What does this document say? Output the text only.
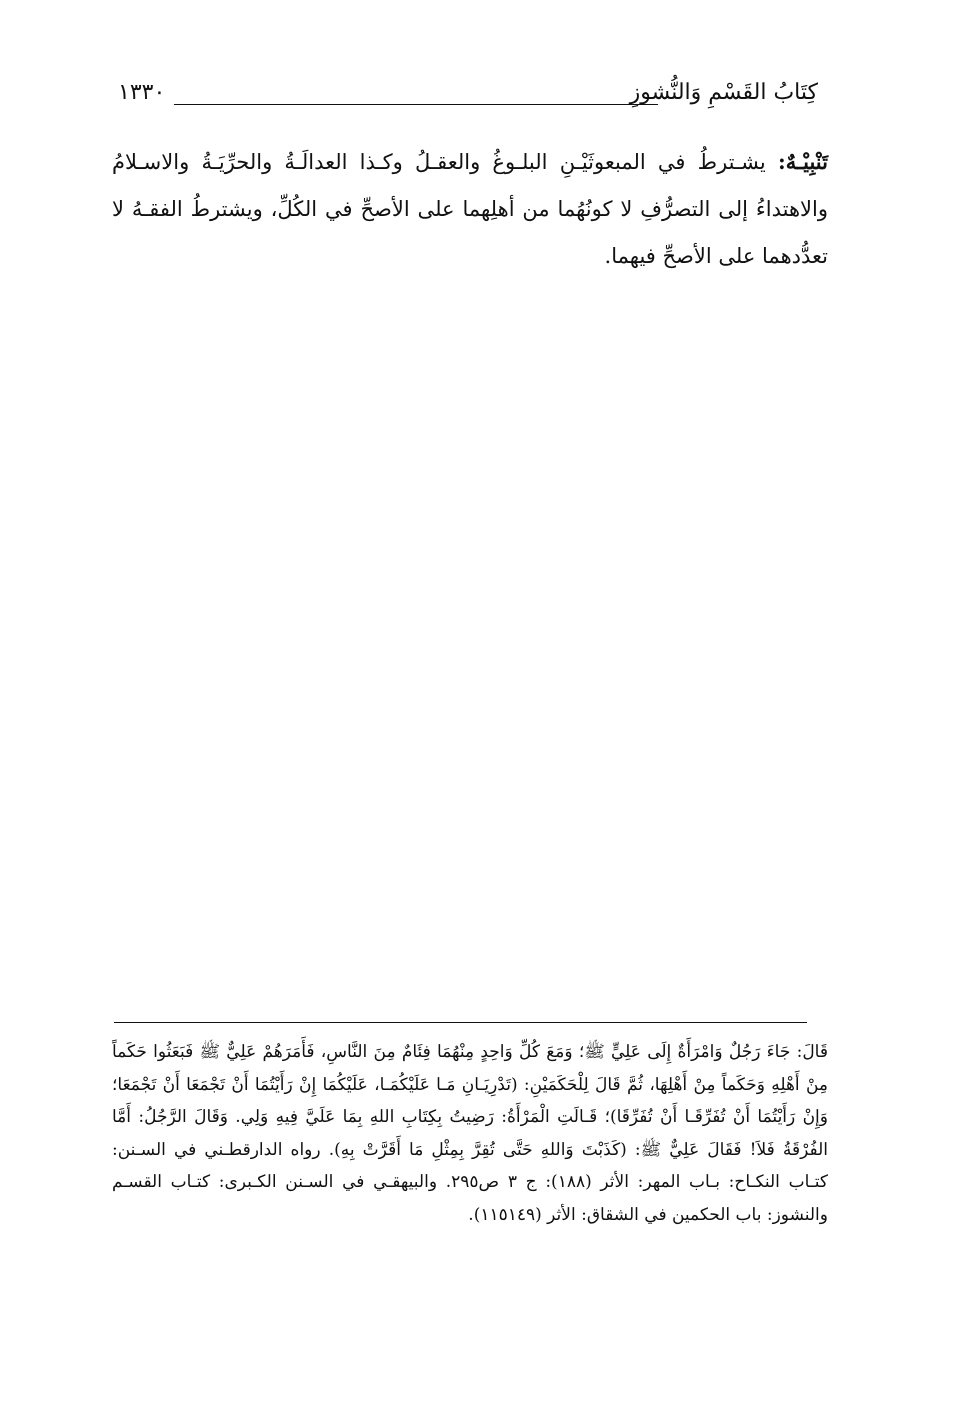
كِتَابُ القَسْمِ وَالنُّشوزِ
١٣٣٠

تَنْبِيْـهٌ: يشـترطُ في المبعوثَيْـنِ البلـوغُ والعقـلُ وكـذا العدالَـةُ والحرِّيَـةُ والاسـلامُ والاهتداءُ إلى التصرُّفِ لا كونُهُما من أهلِهما على الأصحِّ في الكُلِّ، ويشترطُ الفقـهُ لا تعدُّدهما على الأصحِّ فيهما.

قَالَ: جَاءَ رَجُلٌ وَامْرَأَةٌ إِلَى عَلِيٍّ ﷺ؛ وَمَعَ كُلِّ وَاحِدٍ مِنْهُمَا فِئَامٌ مِنَ النَّاسِ، فَأَمَرَهُمْ عَلِيٌّ ﷺ فَبَعَثُوا حَكَماً مِنْ أَهْلِهِ وَحَكَماً مِنْ أَهْلِهَا، ثُمَّ قَالَ لِلْحَكَمَيْنِ: (تَدْرِيَـانِ مَـا عَلَيْكُمَـا، عَلَيْكُمَا إِنْ رَأَيْتُمَا أَنْ تَجْمَعَا أَنْ تَجْمَعَا؛ وَإِنْ رَأَيْتُمَا أَنْ تُفَرِّقَـا أَنْ تُفَرِّقَا)؛ قَـالَتِ الْمَرْأَةُ: رَضِيتُ بِكِتَابِ اللهِ بِمَا عَلَيَّ فِيهِ وَلِي. وَقَالَ الرَّجُلُ: أَمَّا الفُرْقَةُ فَلاَ! فَقَالَ عَلِيٌّ ﷺ: (كَذَبْتَ وَاللهِ حَتَّى تُقِرَّ بِمِثْلِ مَا أَقَرَّتْ بِهِ). رواه الدارقطـني في السـنن: كتـاب النكـاح: بـاب المهر: الأثر (١٨٨): ج ٣ ص٢٩٥. والبيهقـي في السـنن الكـبرى: كتـاب القسـم والنشوز: باب الحكمين في الشقاق: الأثر (١١٥١٤٩).
